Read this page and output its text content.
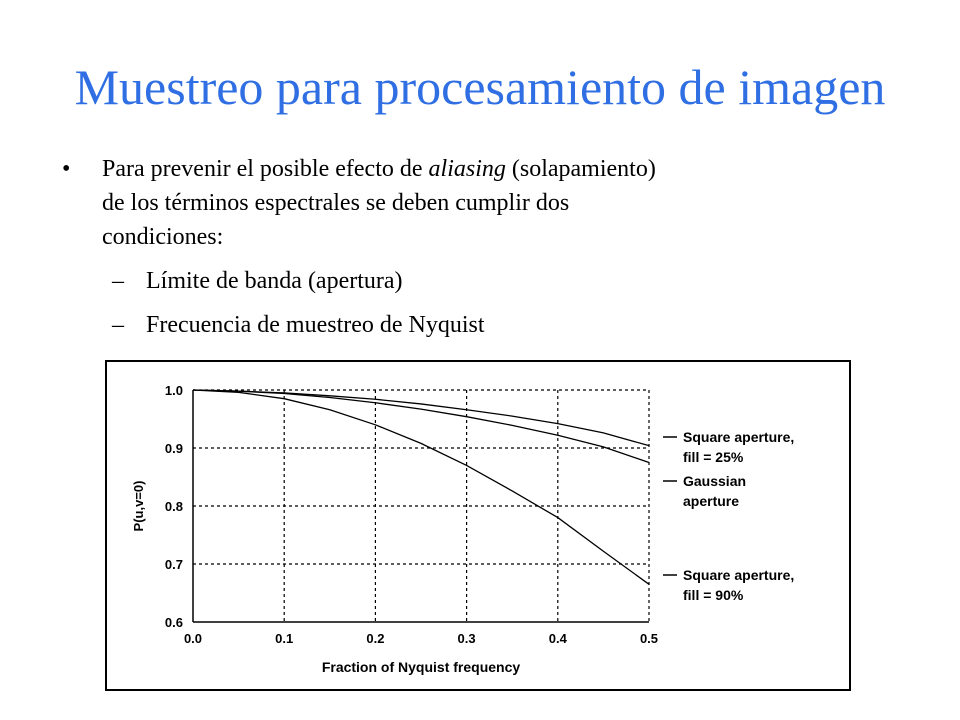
Muestreo para procesamiento de imagen
• Para prevenir el posible efecto de aliasing (solapamiento)
de los términos espectrales se deben cumplir dos
condiciones:
– Límite de banda (apertura)
– Frecuencia de muestreo de Nyquist
0.0	0.1	0.2	0.3	0.4	0.5
1.0
0.9
0.8
0.7
0.6
Fraction of Nyquist frequency
P(u,v=0)
Square aperture,
fill = 25%
Gaussian
aperture
Square aperture,
fill = 90%
